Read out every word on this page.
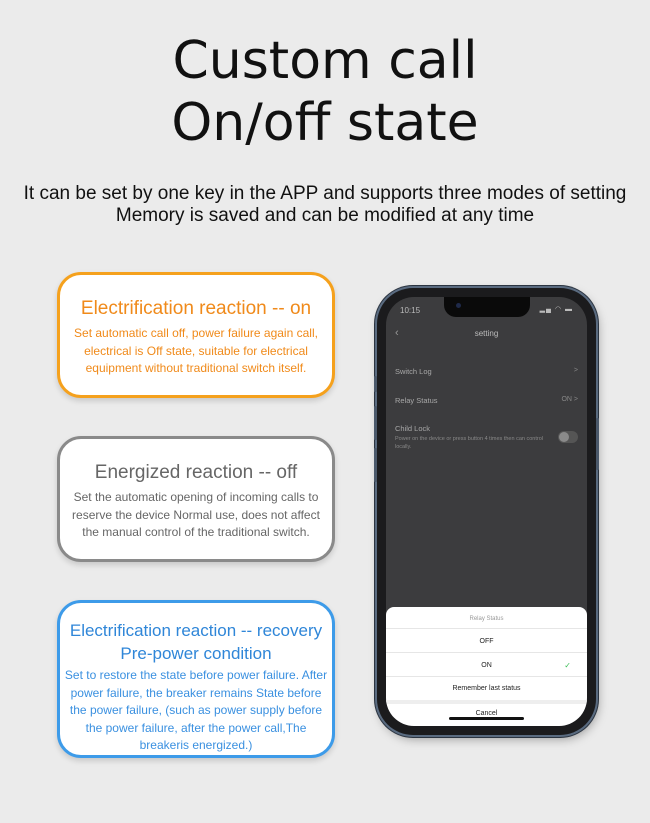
Custom call
On/off state
It can be set by one key in the APP and supports three modes of setting Memory is saved and can be modified at any time
Electrification reaction -- on
Set automatic call off, power failure again call, electrical is Off state, suitable for electrical equipment without traditional switch itself.
Energized reaction -- off
Set the automatic opening of incoming calls to reserve the device Normal use, does not affect the manual control of the traditional switch.
Electrification reaction -- recovery
Pre-power condition
Set to restore the state before power failure. After power failure, the breaker remains State before the power failure, (such as power supply before the power failure, after the power call,The breakeris energized.)
10:15	▂▄ ◠ ▬
‹	setting
Switch Log	>
Relay Status	ON >
Child Lock
Power on the device or press button 4 times then can control locally.
Relay Status
OFF
ON	✓
Remember last status
Cancel
